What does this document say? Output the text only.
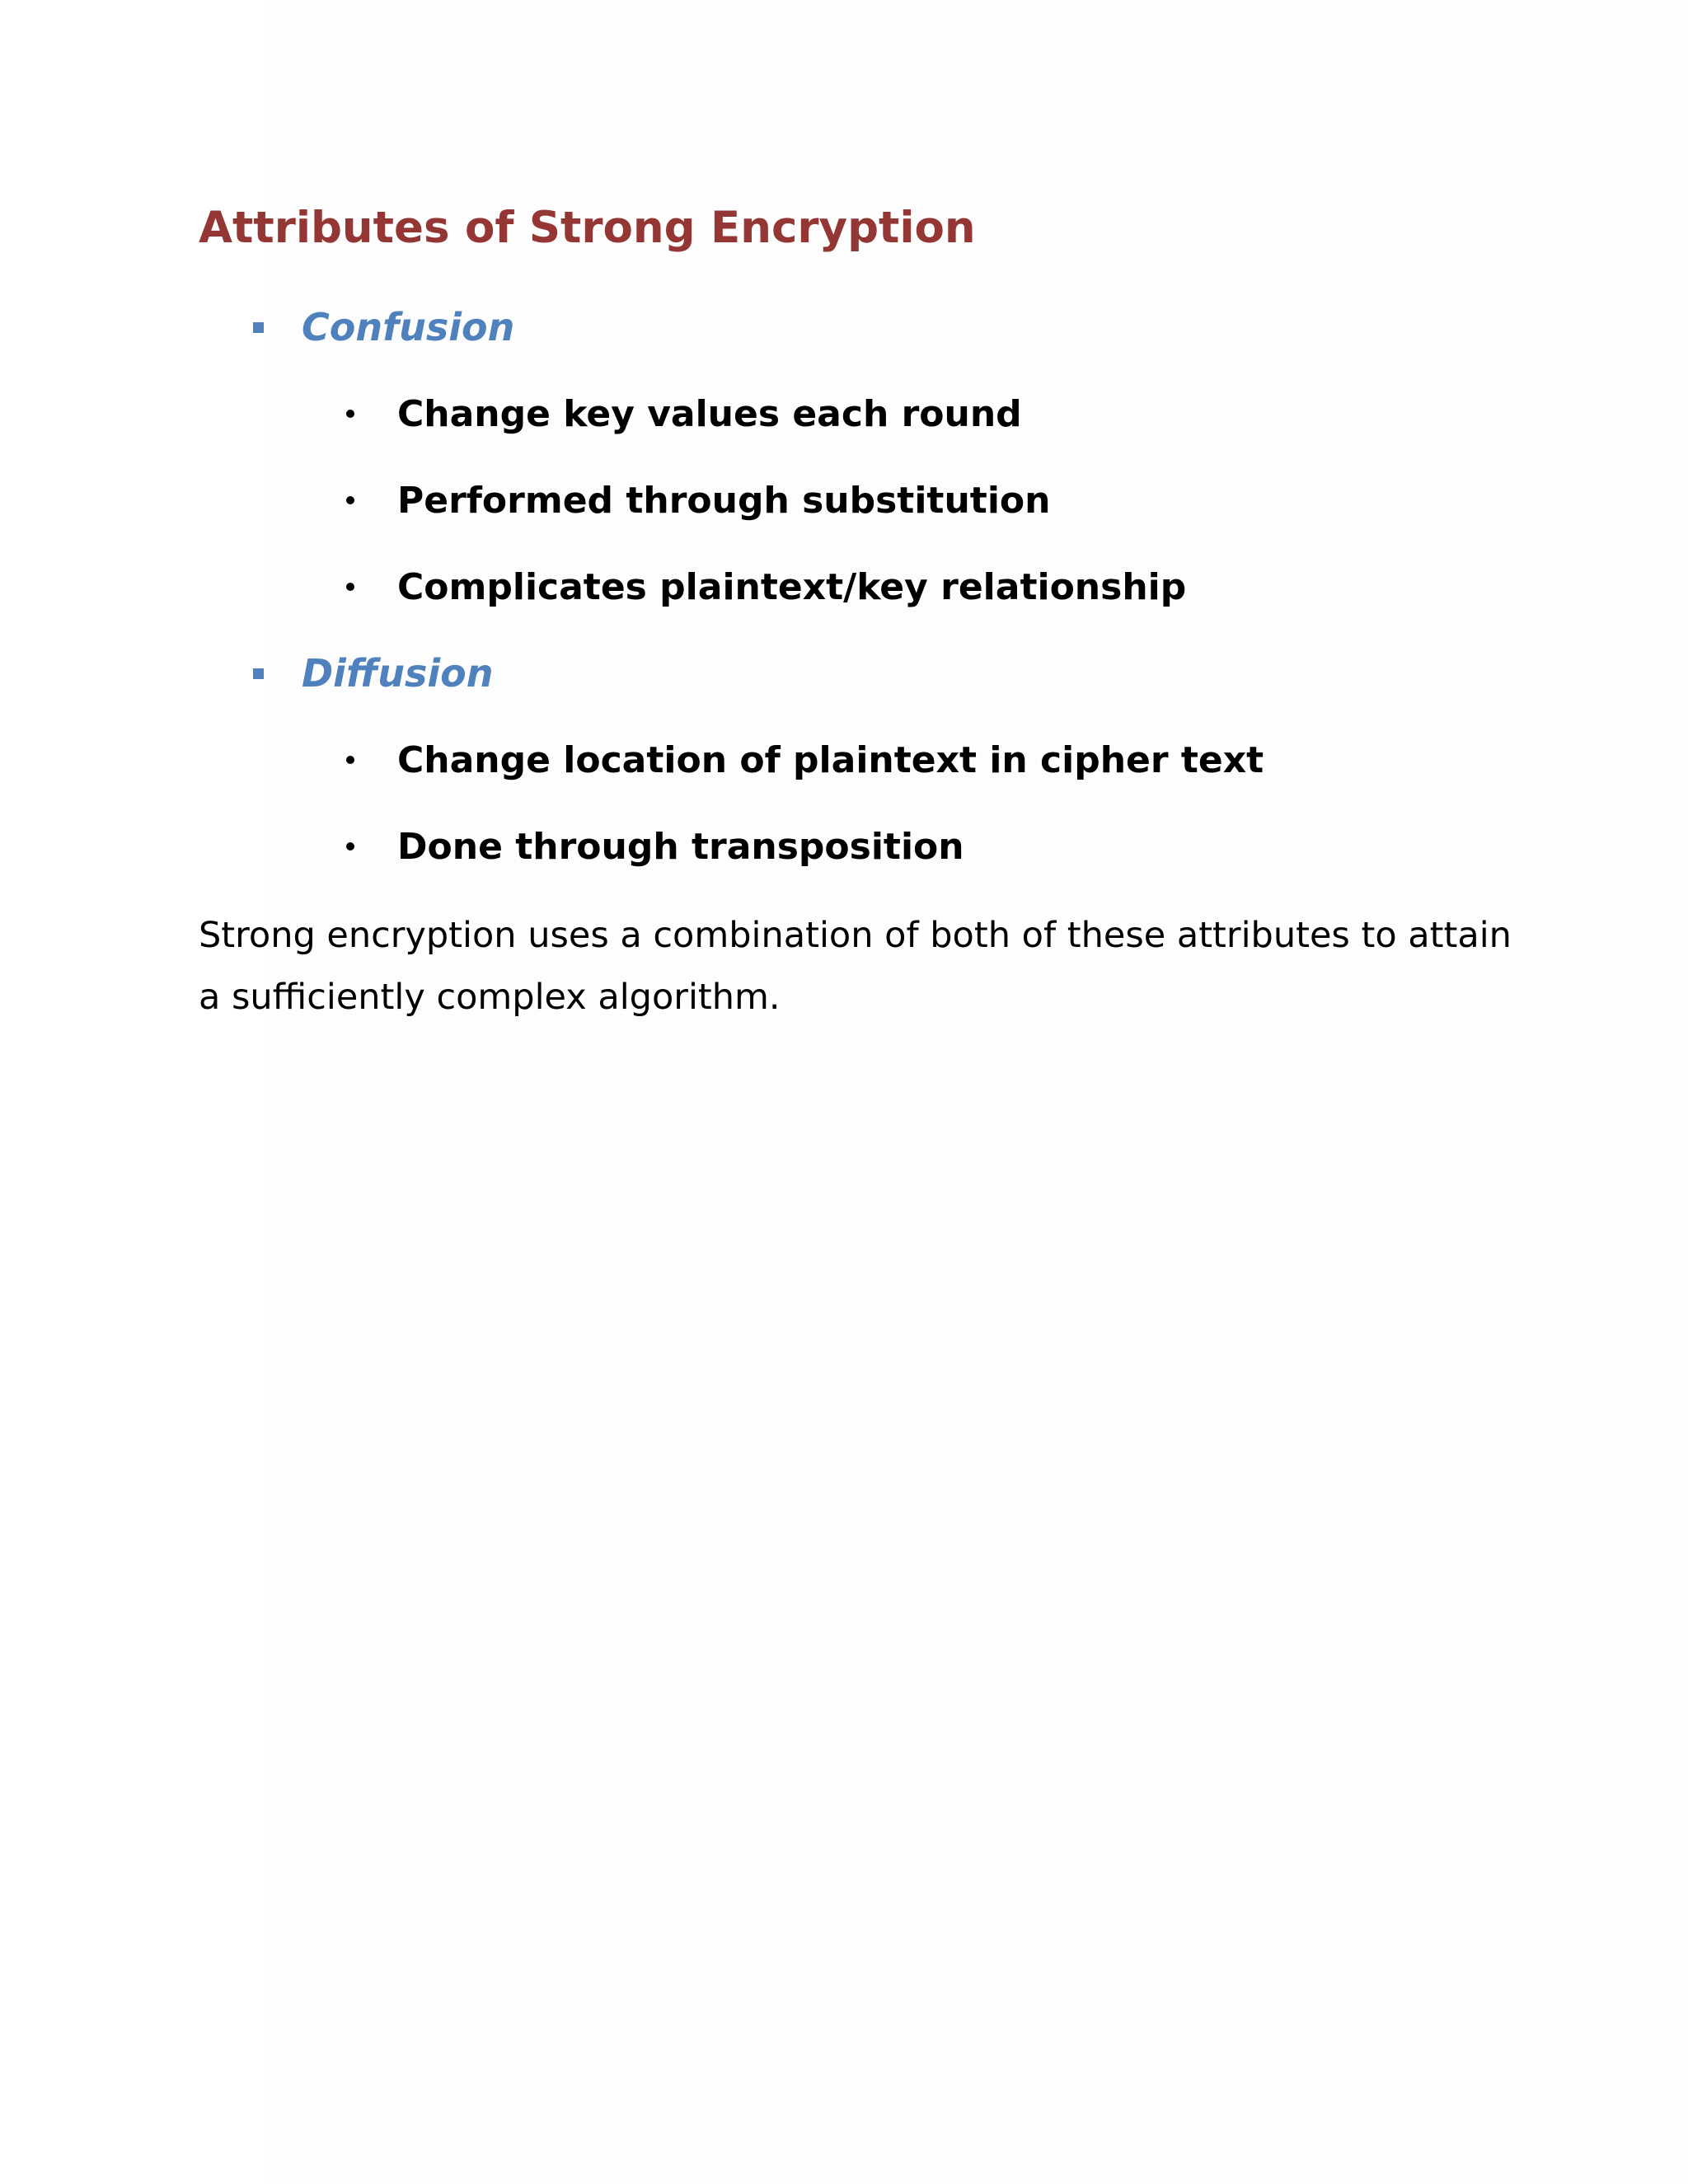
Attributes of Strong Encryption
Confusion
Change key values each round
Performed through substitution
Complicates plaintext/key relationship
Diffusion
Change location of plaintext in cipher text
Done through transposition

Strong encryption uses a combination of both of these attributes to attain a sufficiently complex algorithm.
